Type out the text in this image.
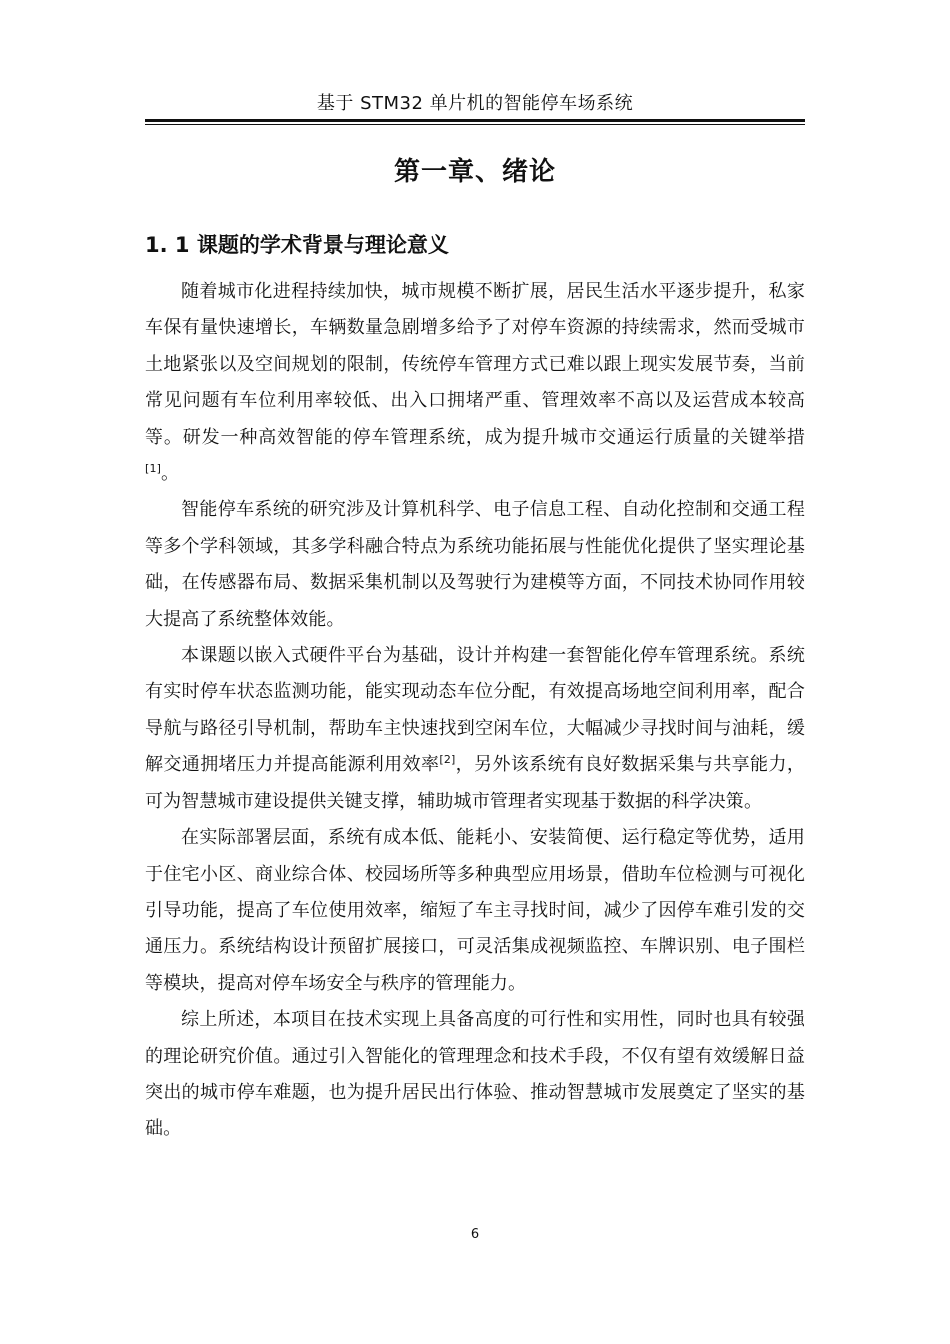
基于 STM32 单片机的智能停车场系统
第一章、绪论
1. 1 课题的学术背景与理论意义

随着城市化进程持续加快，城市规模不断扩展，居民生活水平逐步提升，私家车保有量快速增长，车辆数量急剧增多给予了对停车资源的持续需求，然而受城市土地紧张以及空间规划的限制，传统停车管理方式已难以跟上现实发展节奏，当前常见问题有车位利用率较低、出入口拥堵严重、管理效率不高以及运营成本较高等。研发一种高效智能的停车管理系统，成为提升城市交通运行质量的关键举措[1]。

智能停车系统的研究涉及计算机科学、电子信息工程、自动化控制和交通工程等多个学科领域，其多学科融合特点为系统功能拓展与性能优化提供了坚实理论基础，在传感器布局、数据采集机制以及驾驶行为建模等方面，不同技术协同作用较大提高了系统整体效能。

本课题以嵌入式硬件平台为基础，设计并构建一套智能化停车管理系统。系统有实时停车状态监测功能，能实现动态车位分配，有效提高场地空间利用率，配合导航与路径引导机制，帮助车主快速找到空闲车位，大幅减少寻找时间与油耗，缓解交通拥堵压力并提高能源利用效率[2]，另外该系统有良好数据采集与共享能力，可为智慧城市建设提供关键支撑，辅助城市管理者实现基于数据的科学决策。

在实际部署层面，系统有成本低、能耗小、安装简便、运行稳定等优势，适用于住宅小区、商业综合体、校园场所等多种典型应用场景，借助车位检测与可视化引导功能，提高了车位使用效率，缩短了车主寻找时间，减少了因停车难引发的交通压力。系统结构设计预留扩展接口，可灵活集成视频监控、车牌识别、电子围栏等模块，提高对停车场安全与秩序的管理能力。

综上所述，本项目在技术实现上具备高度的可行性和实用性，同时也具有较强的理论研究价值。通过引入智能化的管理理念和技术手段，不仅有望有效缓解日益突出的城市停车难题，也为提升居民出行体验、推动智慧城市发展奠定了坚实的基础。

6
